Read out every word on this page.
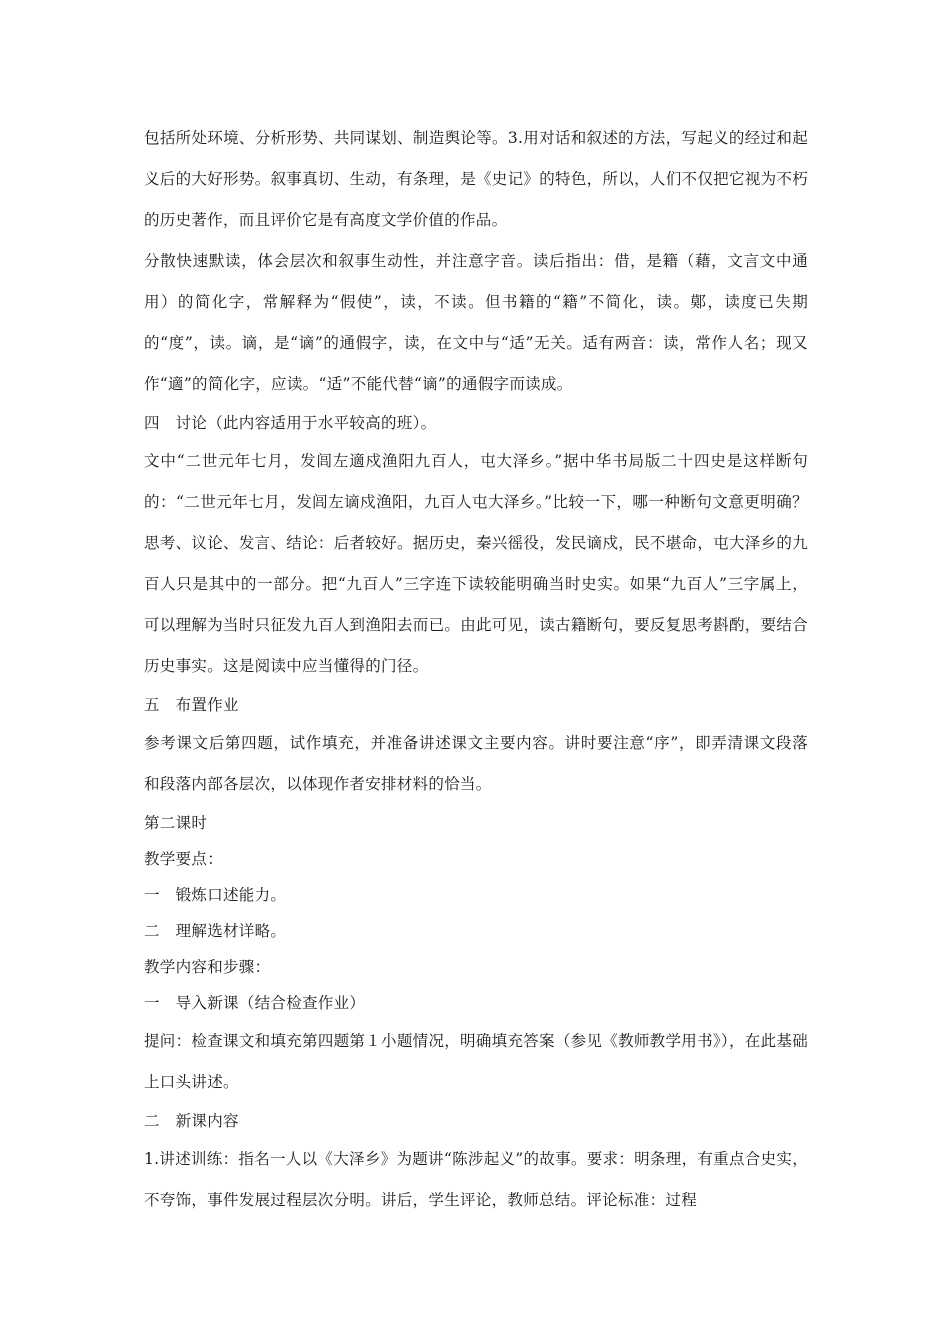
包括所处环境、分析形势、共同谋划、制造舆论等。3.用对话和叙述的方法，写起义的经过和起义后的大好形势。叙事真切、生动，有条理，是《史记》的特色，所以，人们不仅把它视为不朽的历史著作，而且评价它是有高度文学价值的作品。

分散快速默读，体会层次和叙事生动性，并注意字音。读后指出：借，是籍（藉，文言文中通用）的简化字，常解释为“假使”，读，不读。但书籍的“籍”不简化，读。鄚，读度已失期的“度”，读。谪，是“谪”的通假字，读，在文中与“适”无关。适有两音：读，常作人名；现又作“適”的简化字，应读。“适”不能代替“谪”的通假字而读成。

四　讨论（此内容适用于水平较高的班）。

文中“二世元年七月，发闾左適戍渔阳九百人，屯大泽乡。”据中华书局版二十四史是这样断句的：“二世元年七月，发闾左谪戍渔阳，九百人屯大泽乡。”比较一下，哪一种断句文意更明确？思考、议论、发言、结论：后者较好。据历史，秦兴徭役，发民谪戍，民不堪命，屯大泽乡的九百人只是其中的一部分。把“九百人”三字连下读较能明确当时史实。如果“九百人”三字属上，可以理解为当时只征发九百人到渔阳去而已。由此可见，读古籍断句，要反复思考斟酌，要结合历史事实。这是阅读中应当懂得的门径。

五　布置作业

参考课文后第四题，试作填充，并准备讲述课文主要内容。讲时要注意“序”，即弄清课文段落和段落内部各层次，以体现作者安排材料的恰当。

第二课时

教学要点：

一　锻炼口述能力。

二　理解选材详略。

教学内容和步骤：

一　导入新课（结合检查作业）

提问：检查课文和填充第四题第１小题情况，明确填充答案（参见《教师教学用书》），在此基础上口头讲述。

二　新课内容

1.讲述训练：指名一人以《大泽乡》为题讲“陈涉起义”的故事。要求：明条理，有重点合史实，不夸饰，事件发展过程层次分明。讲后，学生评论，教师总结。评论标准：过程
